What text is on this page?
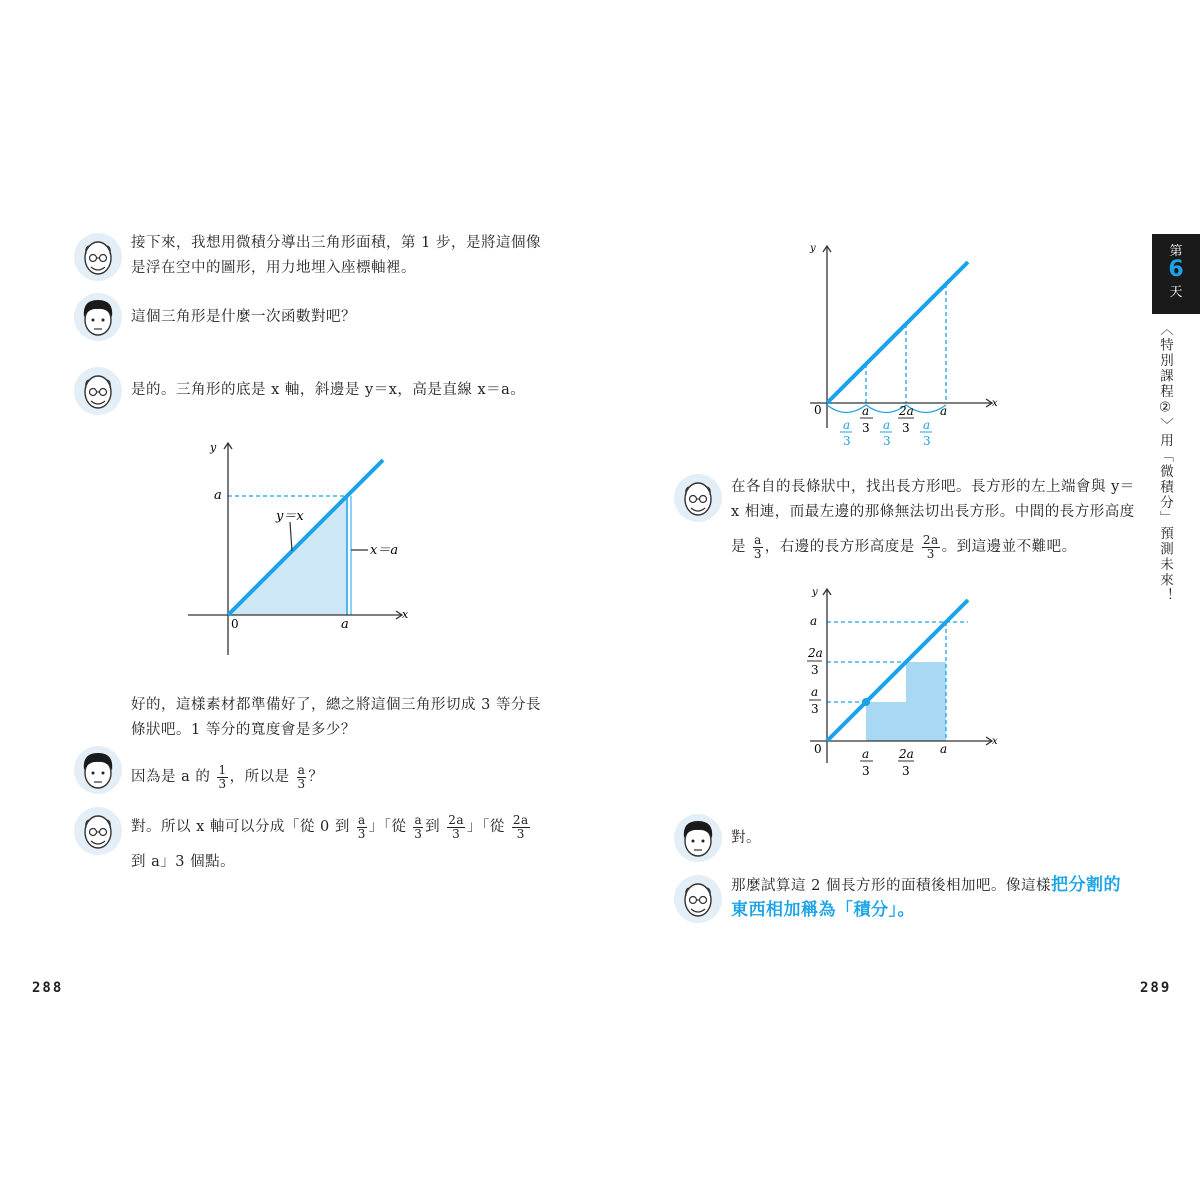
接下來，我想用微積分導出三角形面積，第 1 步，是將這個像
是浮在空中的圖形，用力地埋入座標軸裡。
這個三角形是什麼一次函數對吧？
是的。三角形的底是 x 軸，斜邊是 y＝x，高是直線 x＝a。
y
x
0
a
a
y＝x
x＝a
好的，這樣素材都準備好了，總之將這個三角形切成 3 等分長
條狀吧。1 等分的寬度會是多少？
因為是 a 的 $\frac{1}{3}$ ，所以是 $\frac{a}{3}$ ？
對。所以 x 軸可以分成「從 0 到 $\frac{a}{3}$ 」「從 $\frac{a}{3}$ 到 $\frac{2a}{3}$ 」「從 $\frac{2a}{3}$
到 a」3 個點。
288
y
x
0	a
3
2a
3
a
a	a	a
3	3	3
在各自的長條狀中，找出長方形吧。長方形的左上端會與 y＝
x 相連，而最左邊的那條無法切出長方形。中間的長方形高度
是 $\frac{a}{3}$ ，右邊的長方形高度是 $\frac{2a}{3}$ 。到這邊並不難吧。
y
x
0
a
2a
3
a
3
a
3
2a
3
a
對。
那麼試算這 2 個長方形的面積後相加吧。像這樣把分割的
東西相加稱為「積分」。
289
第
6
天
〈特別課程②〉用「微積分」預測未來！
